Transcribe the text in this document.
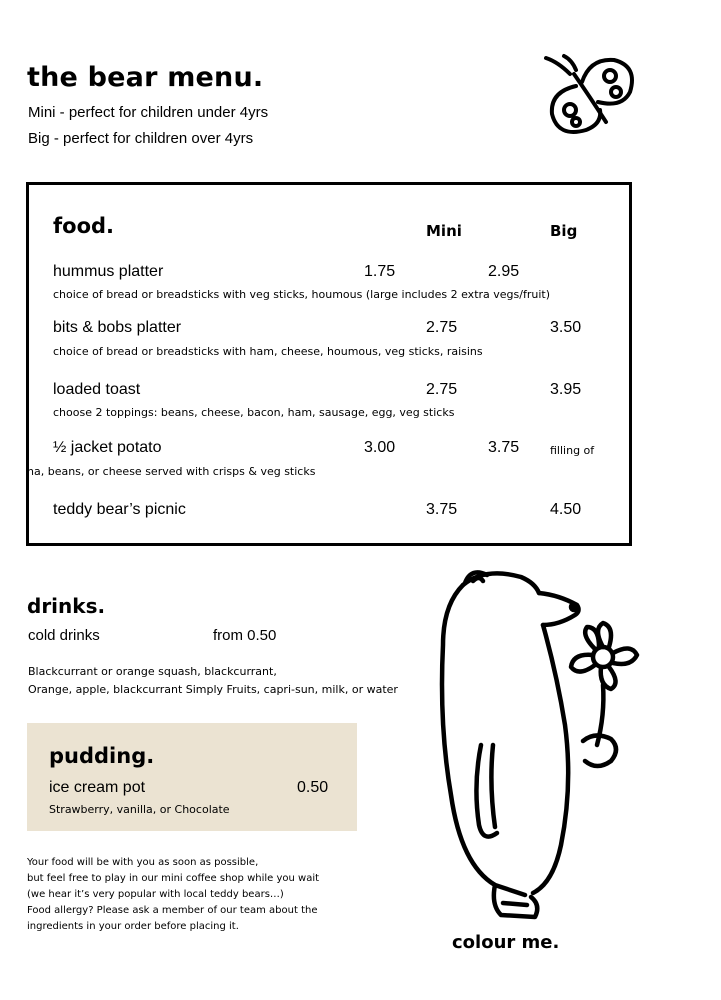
the bear menu.
Mini - perfect for children under 4yrs
Big - perfect for children over 4yrs
food.	Mini	Big
hummus platter	1.75	2.95
choice of bread or breadsticks with veg sticks, houmous (large includes 2 extra vegs/fruit)
bits & bobs platter	2.75	3.50
choice of bread or breadsticks with ham, cheese, houmous, veg sticks, raisins
loaded toast	2.75	3.95
choose 2 toppings: beans, cheese, bacon, ham, sausage, egg, veg sticks
½ jacket potato	3.00	3.75	filling of
na, beans, or cheese served with crisps & veg sticks
teddy bear’s picnic	3.75	4.50
drinks.
cold drinks	from 0.50
Blackcurrant or orange squash, blackcurrant,
Orange, apple, blackcurrant Simply Fruits, capri-sun, milk, or water
pudding.
ice cream pot	0.50
Strawberry, vanilla, or Chocolate
Your food will be with you as soon as possible,
but feel free to play in our mini coffee shop while you wait
(we hear it’s very popular with local teddy bears…)
Food allergy? Please ask a member of our team about the
ingredients in your order before placing it.
colour me.
